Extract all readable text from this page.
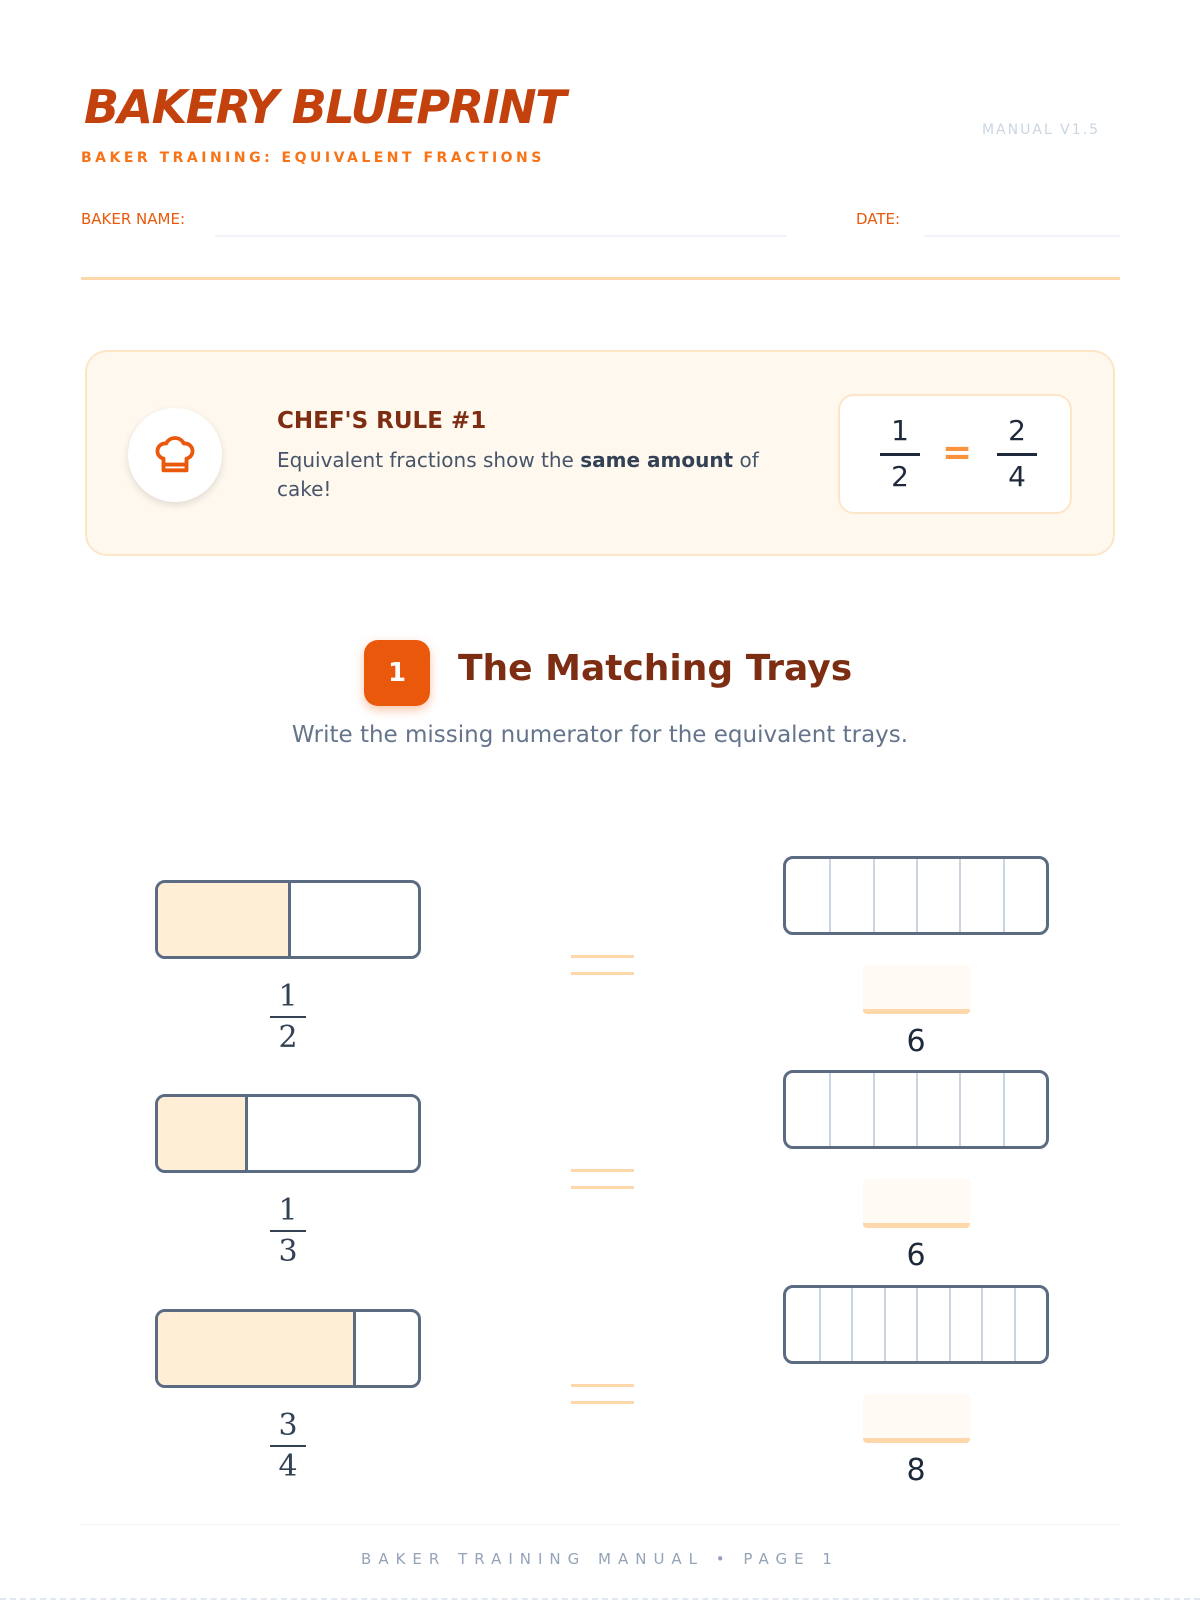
BAKERY BLUEPRINT
BAKER TRAINING: EQUIVALENT FRACTIONS
MANUAL V1.5
BAKER NAME:	DATE:
CHEF'S RULE #1
Equivalent fractions show the same amount of cake!
1
2
=
2
4
1	The Matching Trays
Write the missing numerator for the equivalent trays.
1
2	6
1
3	6
3
4	8
BAKER TRAINING MANUAL • PAGE 1
